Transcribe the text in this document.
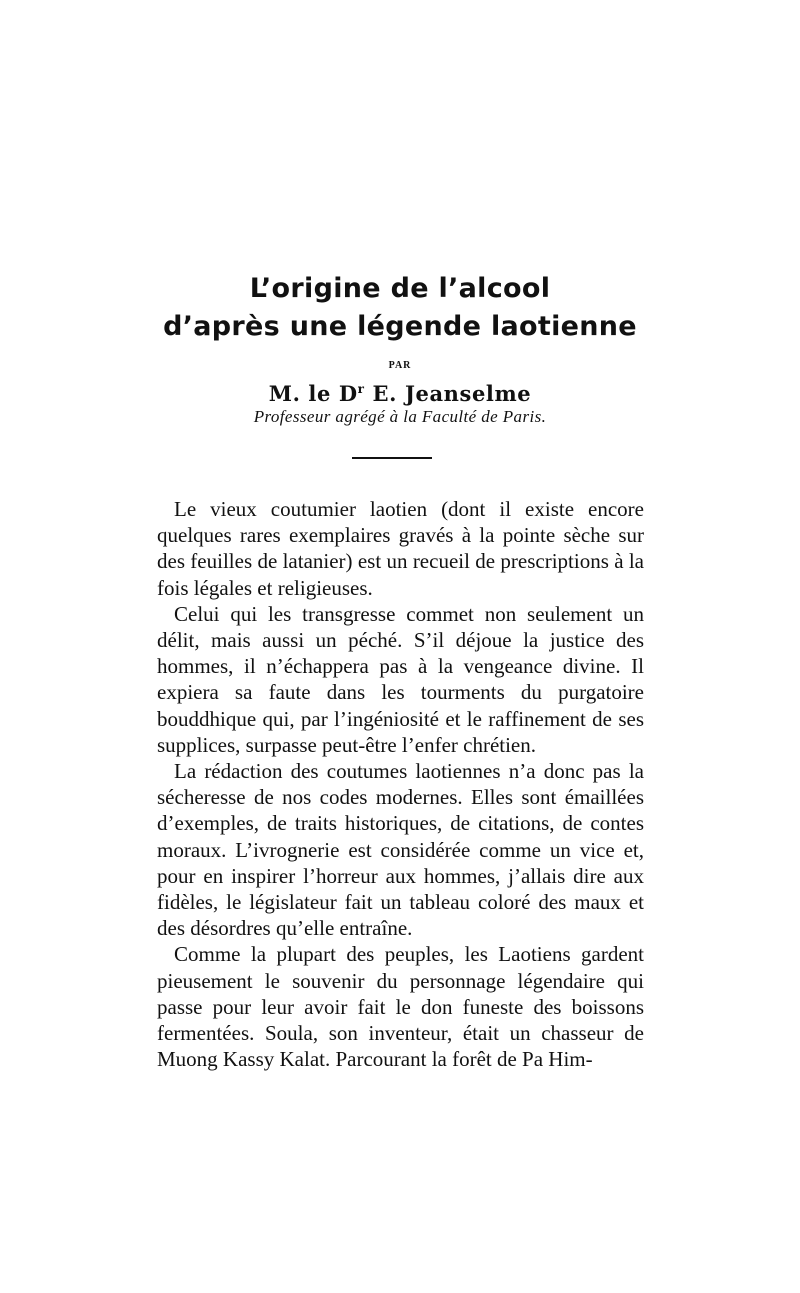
L’origine de l’alcool
d’après une légende laotienne
PAR
M. le $D^r$ E. Jeanselme
Professeur agrégé à la Faculté de Paris.

Le vieux coutumier laotien (dont il existe encore quelques rares exemplaires gravés à la pointe sèche sur des feuilles de latanier) est un recueil de prescriptions à la fois légales et religieuses.

Celui qui les transgresse commet non seulement un délit, mais aussi un péché. S’il déjoue la justice des hommes, il n’échappera pas à la vengeance divine. Il expiera sa faute dans les tourments du purgatoire bouddhique qui, par l’ingéniosité et le raffinement de ses supplices, surpasse peut-être l’enfer chrétien.

La rédaction des coutumes laotiennes n’a donc pas la sécheresse de nos codes modernes. Elles sont émaillées d’exemples, de traits historiques, de citations, de contes moraux. L’ivrognerie est considérée comme un vice et, pour en inspirer l’horreur aux hommes, j’allais dire aux fidèles, le législateur fait un tableau coloré des maux et des désordres qu’elle entraîne.

Comme la plupart des peuples, les Laotiens gardent pieusement le souvenir du personnage légendaire qui passe pour leur avoir fait le don funeste des boissons fermentées. Soula, son inventeur, était un chasseur de Muong Kassy Kalat. Parcourant la forêt de Pa Him-
